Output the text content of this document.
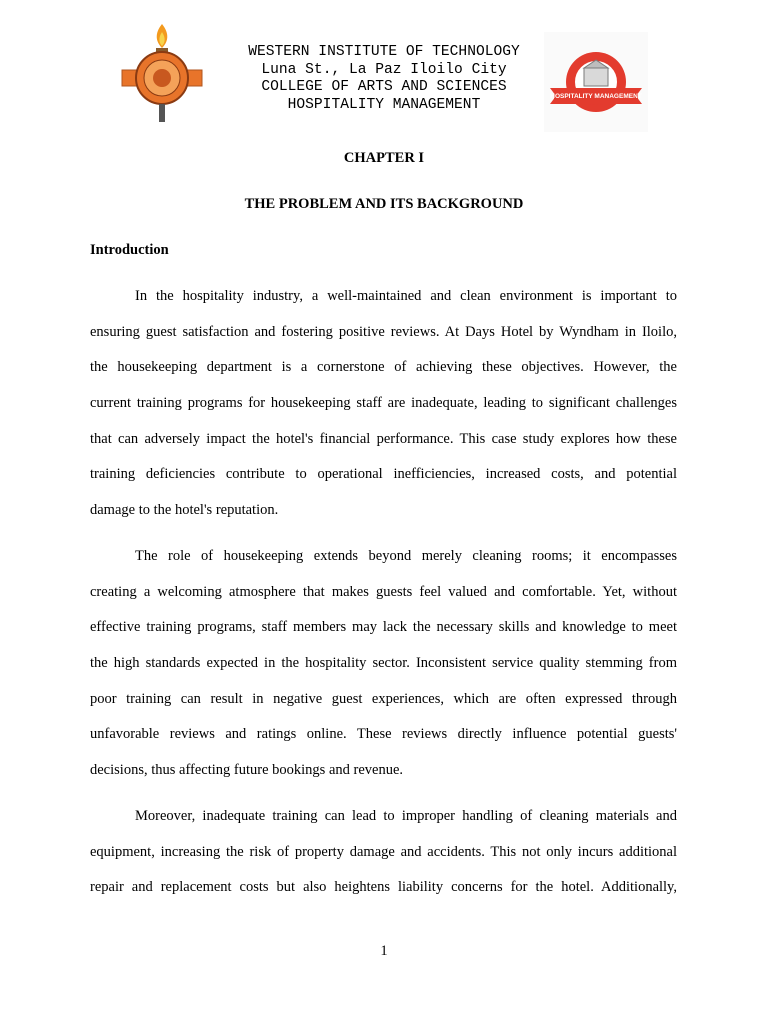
WESTERN INSTITUTE OF TECHNOLOGY
Luna St., La Paz Iloilo City
COLLEGE OF ARTS AND SCIENCES
HOSPITALITY MANAGEMENT
HOSPITALITY MANAGEMENT
CHAPTER I
THE PROBLEM AND ITS BACKGROUND
Introduction
In the hospitality industry, a well-maintained and clean environment is important to
ensuring guest satisfaction and fostering positive reviews. At Days Hotel by Wyndham in Iloilo,
the housekeeping department is a cornerstone of achieving these objectives. However, the
current training programs for housekeeping staff are inadequate, leading to significant challenges
that can adversely impact the hotel's financial performance. This case study explores how these
training deficiencies contribute to operational inefficiencies, increased costs, and potential
damage to the hotel's reputation.
The role of housekeeping extends beyond merely cleaning rooms; it encompasses
creating a welcoming atmosphere that makes guests feel valued and comfortable. Yet, without
effective training programs, staff members may lack the necessary skills and knowledge to meet
the high standards expected in the hospitality sector. Inconsistent service quality stemming from
poor training can result in negative guest experiences, which are often expressed through
unfavorable reviews and ratings online. These reviews directly influence potential guests'
decisions, thus affecting future bookings and revenue.
Moreover, inadequate training can lead to improper handling of cleaning materials and
equipment, increasing the risk of property damage and accidents. This not only incurs additional
repair and replacement costs but also heightens liability concerns for the hotel. Additionally,
1
